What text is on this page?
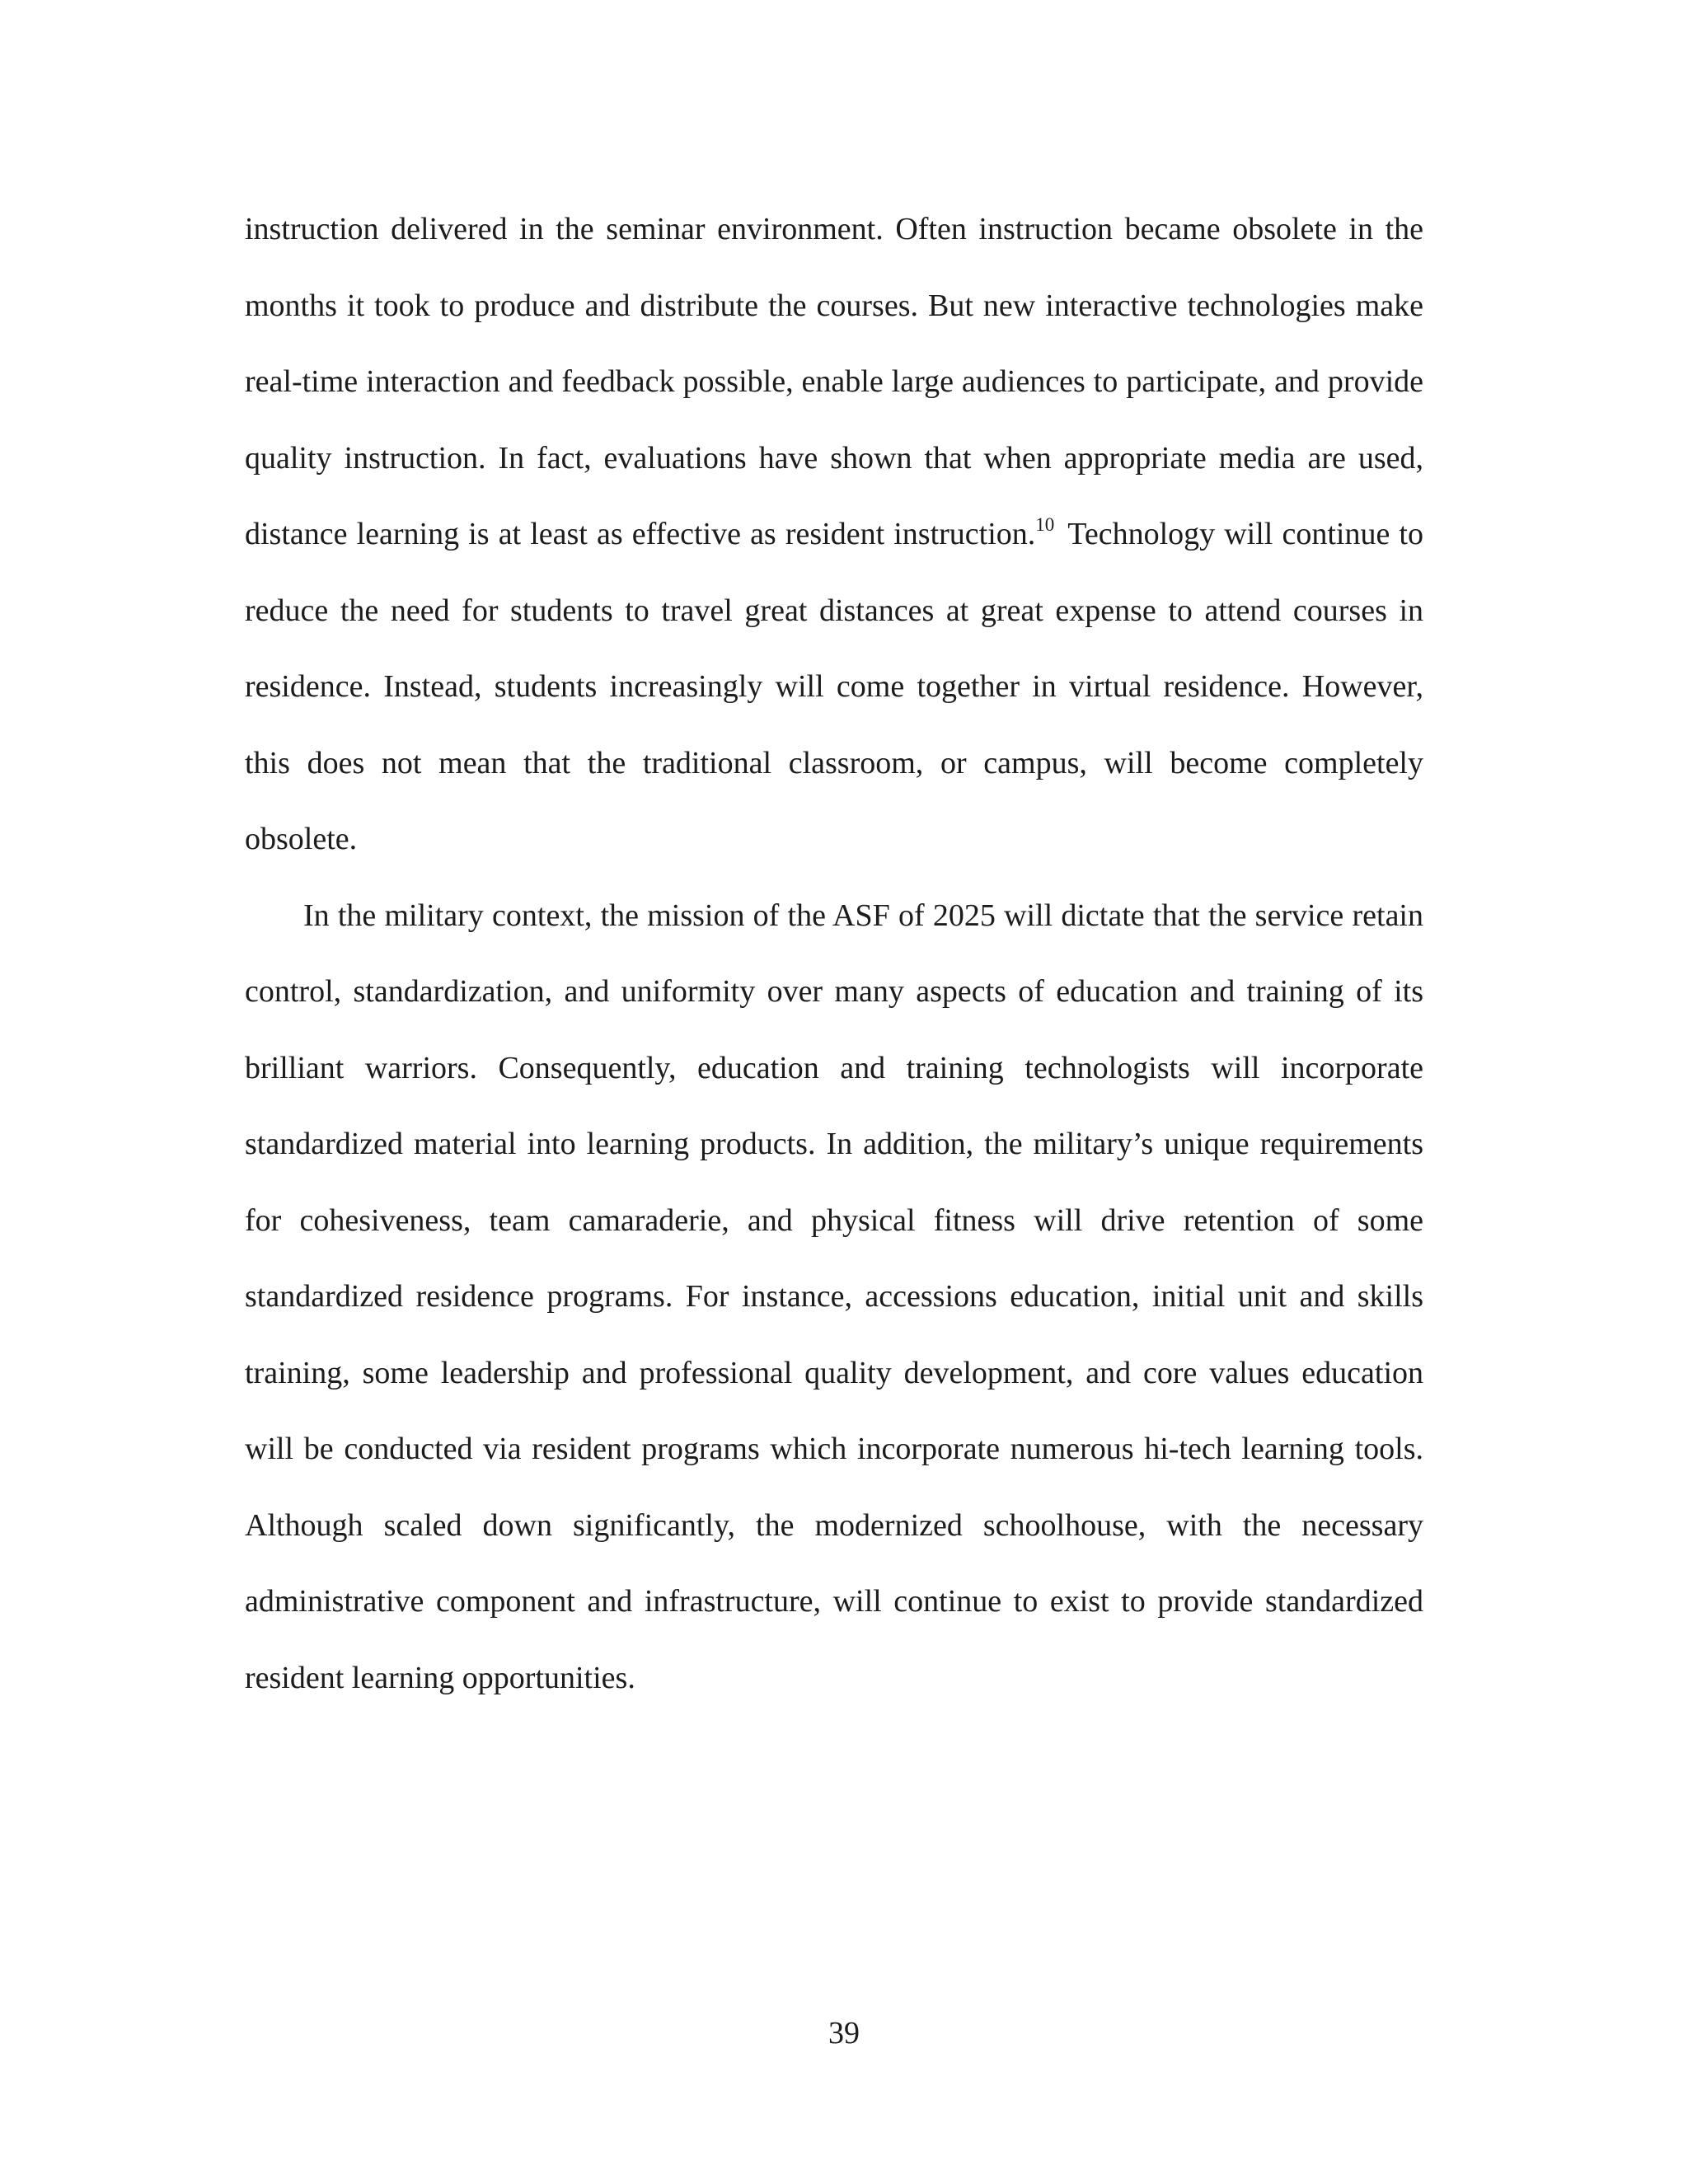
instruction delivered in the seminar environment. Often instruction became obsolete in the months it took to produce and distribute the courses. But new interactive technologies make real-time interaction and feedback possible, enable large audiences to participate, and provide quality instruction. In fact, evaluations have shown that when appropriate media are used, distance learning is at least as effective as resident instruction.$^{10}$ Technology will continue to reduce the need for students to travel great distances at great expense to attend courses in residence. Instead, students increasingly will come together in virtual residence. However, this does not mean that the traditional classroom, or campus, will become completely obsolete.

In the military context, the mission of the ASF of 2025 will dictate that the service retain control, standardization, and uniformity over many aspects of education and training of its brilliant warriors. Consequently, education and training technologists will incorporate standardized material into learning products. In addition, the military’s unique requirements for cohesiveness, team camaraderie, and physical fitness will drive retention of some standardized residence programs. For instance, accessions education, initial unit and skills training, some leadership and professional quality development, and core values education will be conducted via resident programs which incorporate numerous hi-tech learning tools. Although scaled down significantly, the modernized schoolhouse, with the necessary administrative component and infrastructure, will continue to exist to provide standardized resident learning opportunities.

39
